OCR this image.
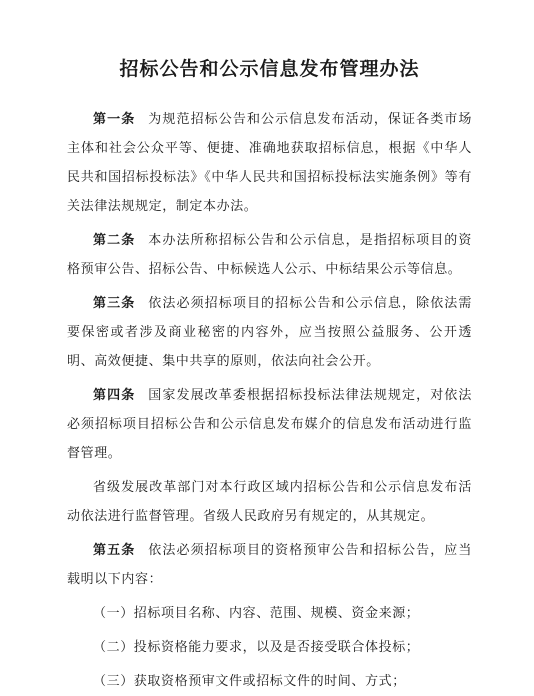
招标公告和公示信息发布管理办法

第一条 为规范招标公告和公示信息发布活动，保证各类市场主体和社会公众平等、便捷、准确地获取招标信息，根据《中华人民共和国招标投标法》《中华人民共和国招标投标法实施条例》等有关法律法规规定，制定本办法。

第二条 本办法所称招标公告和公示信息，是指招标项目的资格预审公告、招标公告、中标候选人公示、中标结果公示等信息。

第三条 依法必须招标项目的招标公告和公示信息，除依法需要保密或者涉及商业秘密的内容外，应当按照公益服务、公开透明、高效便捷、集中共享的原则，依法向社会公开。

第四条 国家发展改革委根据招标投标法律法规规定，对依法必须招标项目招标公告和公示信息发布媒介的信息发布活动进行监督管理。

省级发展改革部门对本行政区域内招标公告和公示信息发布活动依法进行监督管理。省级人民政府另有规定的，从其规定。

第五条 依法必须招标项目的资格预审公告和招标公告，应当载明以下内容：

（一）招标项目名称、内容、范围、规模、资金来源；

（二）投标资格能力要求，以及是否接受联合体投标；

（三）获取资格预审文件或招标文件的时间、方式；
